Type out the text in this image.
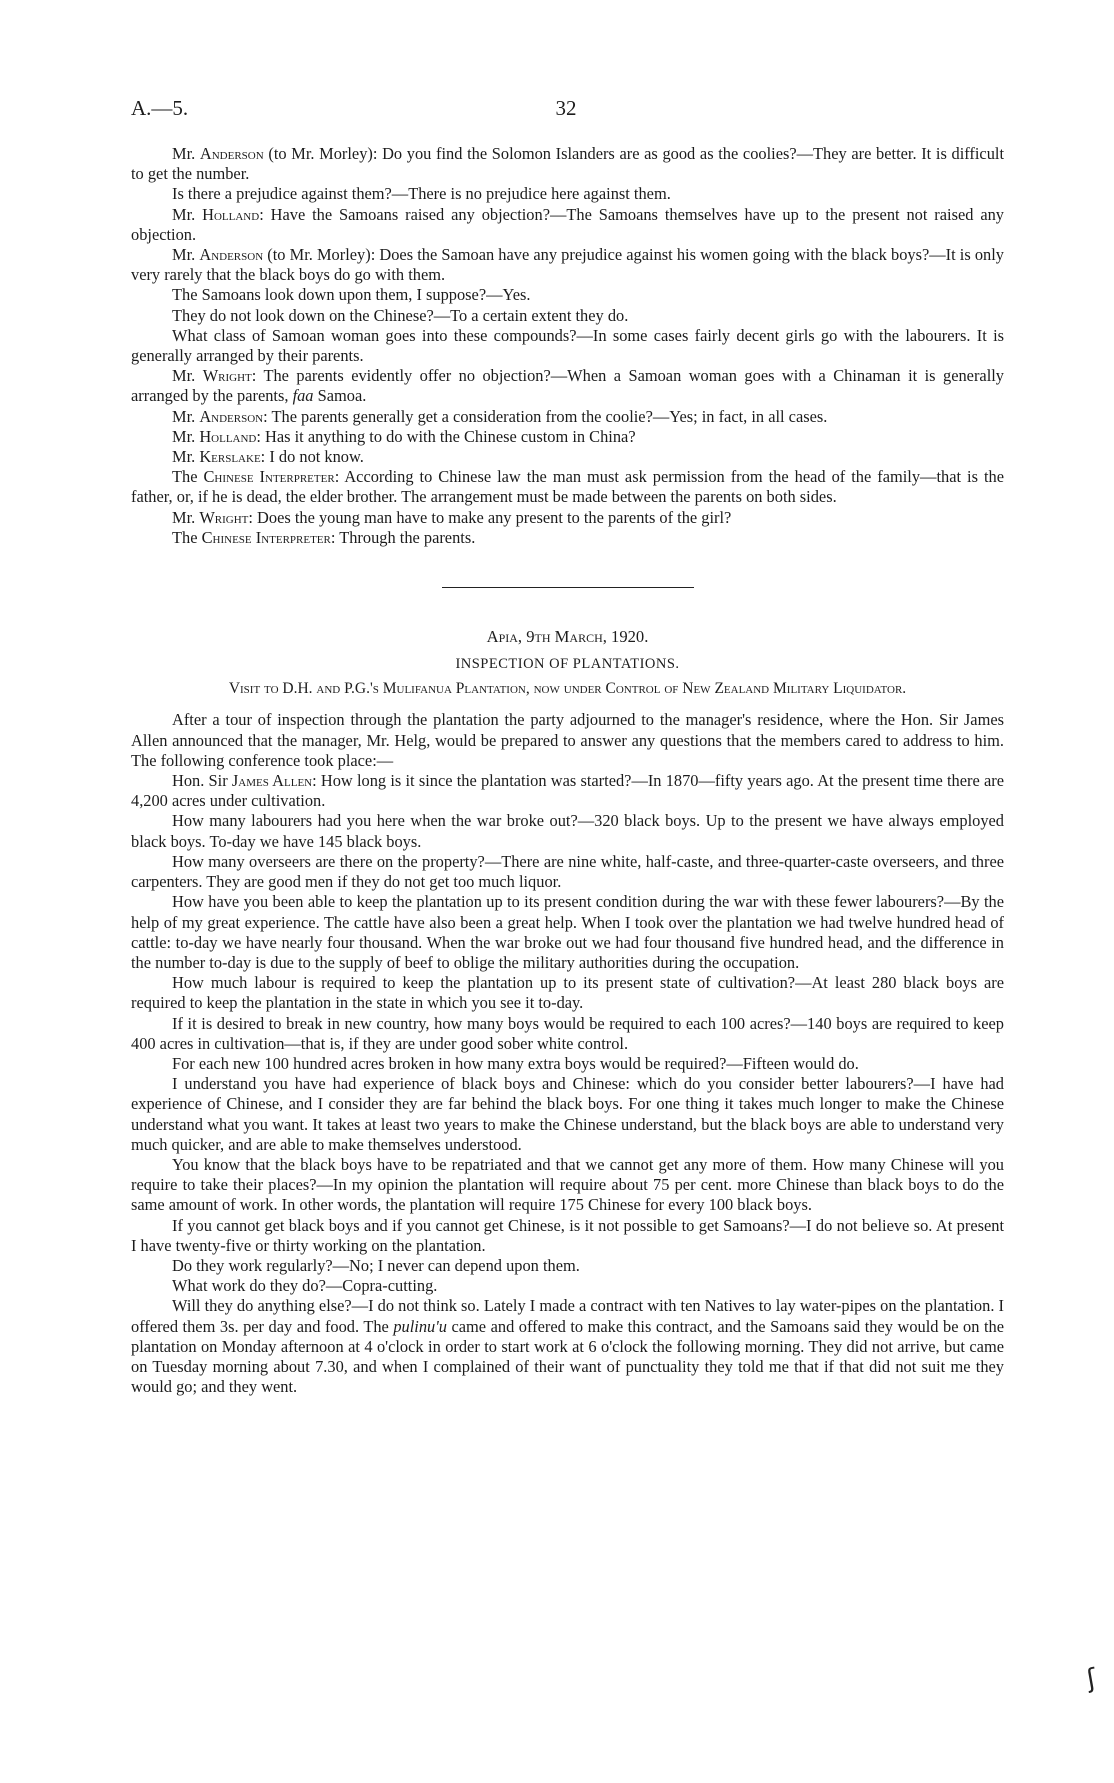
A.—5.	32

Mr. Anderson (to Mr. Morley): Do you find the Solomon Islanders are as good as the coolies?—They are better. It is difficult to get the number.

Is there a prejudice against them?—There is no prejudice here against them.

Mr. Holland: Have the Samoans raised any objection?—The Samoans themselves have up to the present not raised any objection.

Mr. Anderson (to Mr. Morley): Does the Samoan have any prejudice against his women going with the black boys?—It is only very rarely that the black boys do go with them.

The Samoans look down upon them, I suppose?—Yes.

They do not look down on the Chinese?—To a certain extent they do.

What class of Samoan woman goes into these compounds?—In some cases fairly decent girls go with the labourers. It is generally arranged by their parents.

Mr. Wright: The parents evidently offer no objection?—When a Samoan woman goes with a Chinaman it is generally arranged by the parents, faa Samoa.

Mr. Anderson: The parents generally get a consideration from the coolie?—Yes; in fact, in all cases.

Mr. Holland: Has it anything to do with the Chinese custom in China?

Mr. Kerslake: I do not know.

The Chinese Interpreter: According to Chinese law the man must ask permission from the head of the family—that is the father, or, if he is dead, the elder brother. The arrangement must be made between the parents on both sides.

Mr. Wright: Does the young man have to make any present to the parents of the girl?

The Chinese Interpreter: Through the parents.

Apia, 9th March, 1920.

INSPECTION OF PLANTATIONS.

Visit to D.H. and P.G.'s Mulifanua Plantation, now under Control of New Zealand Military Liquidator.

After a tour of inspection through the plantation the party adjourned to the manager's residence, where the Hon. Sir James Allen announced that the manager, Mr. Helg, would be prepared to answer any questions that the members cared to address to him. The following conference took place:—

Hon. Sir James Allen: How long is it since the plantation was started?—In 1870—fifty years ago. At the present time there are 4,200 acres under cultivation.

How many labourers had you here when the war broke out?—320 black boys. Up to the present we have always employed black boys. To-day we have 145 black boys.

How many overseers are there on the property?—There are nine white, half-caste, and three-quarter-caste overseers, and three carpenters. They are good men if they do not get too much liquor.

How have you been able to keep the plantation up to its present condition during the war with these fewer labourers?—By the help of my great experience. The cattle have also been a great help. When I took over the plantation we had twelve hundred head of cattle: to-day we have nearly four thousand. When the war broke out we had four thousand five hundred head, and the difference in the number to-day is due to the supply of beef to oblige the military authorities during the occupation.

How much labour is required to keep the plantation up to its present state of cultivation?—At least 280 black boys are required to keep the plantation in the state in which you see it to-day.

If it is desired to break in new country, how many boys would be required to each 100 acres?—140 boys are required to keep 400 acres in cultivation—that is, if they are under good sober white control.

For each new 100 hundred acres broken in how many extra boys would be required?—Fifteen would do.

I understand you have had experience of black boys and Chinese: which do you consider better labourers?—I have had experience of Chinese, and I consider they are far behind the black boys. For one thing it takes much longer to make the Chinese understand what you want. It takes at least two years to make the Chinese understand, but the black boys are able to understand very much quicker, and are able to make themselves understood.

You know that the black boys have to be repatriated and that we cannot get any more of them. How many Chinese will you require to take their places?—In my opinion the plantation will require about 75 per cent. more Chinese than black boys to do the same amount of work. In other words, the plantation will require 175 Chinese for every 100 black boys.

If you cannot get black boys and if you cannot get Chinese, is it not possible to get Samoans?—I do not believe so. At present I have twenty-five or thirty working on the plantation.

Do they work regularly?—No; I never can depend upon them.

What work do they do?—Copra-cutting.

Will they do anything else?—I do not think so. Lately I made a contract with ten Natives to lay water-pipes on the plantation. I offered them 3s. per day and food. The pulinu'u came and offered to make this contract, and the Samoans said they would be on the plantation on Monday afternoon at 4 o'clock in order to start work at 6 o'clock the following morning. They did not arrive, but came on Tuesday morning about 7.30, and when I complained of their want of punctuality they told me that if that did not suit me they would go; and they went.

ʃ
